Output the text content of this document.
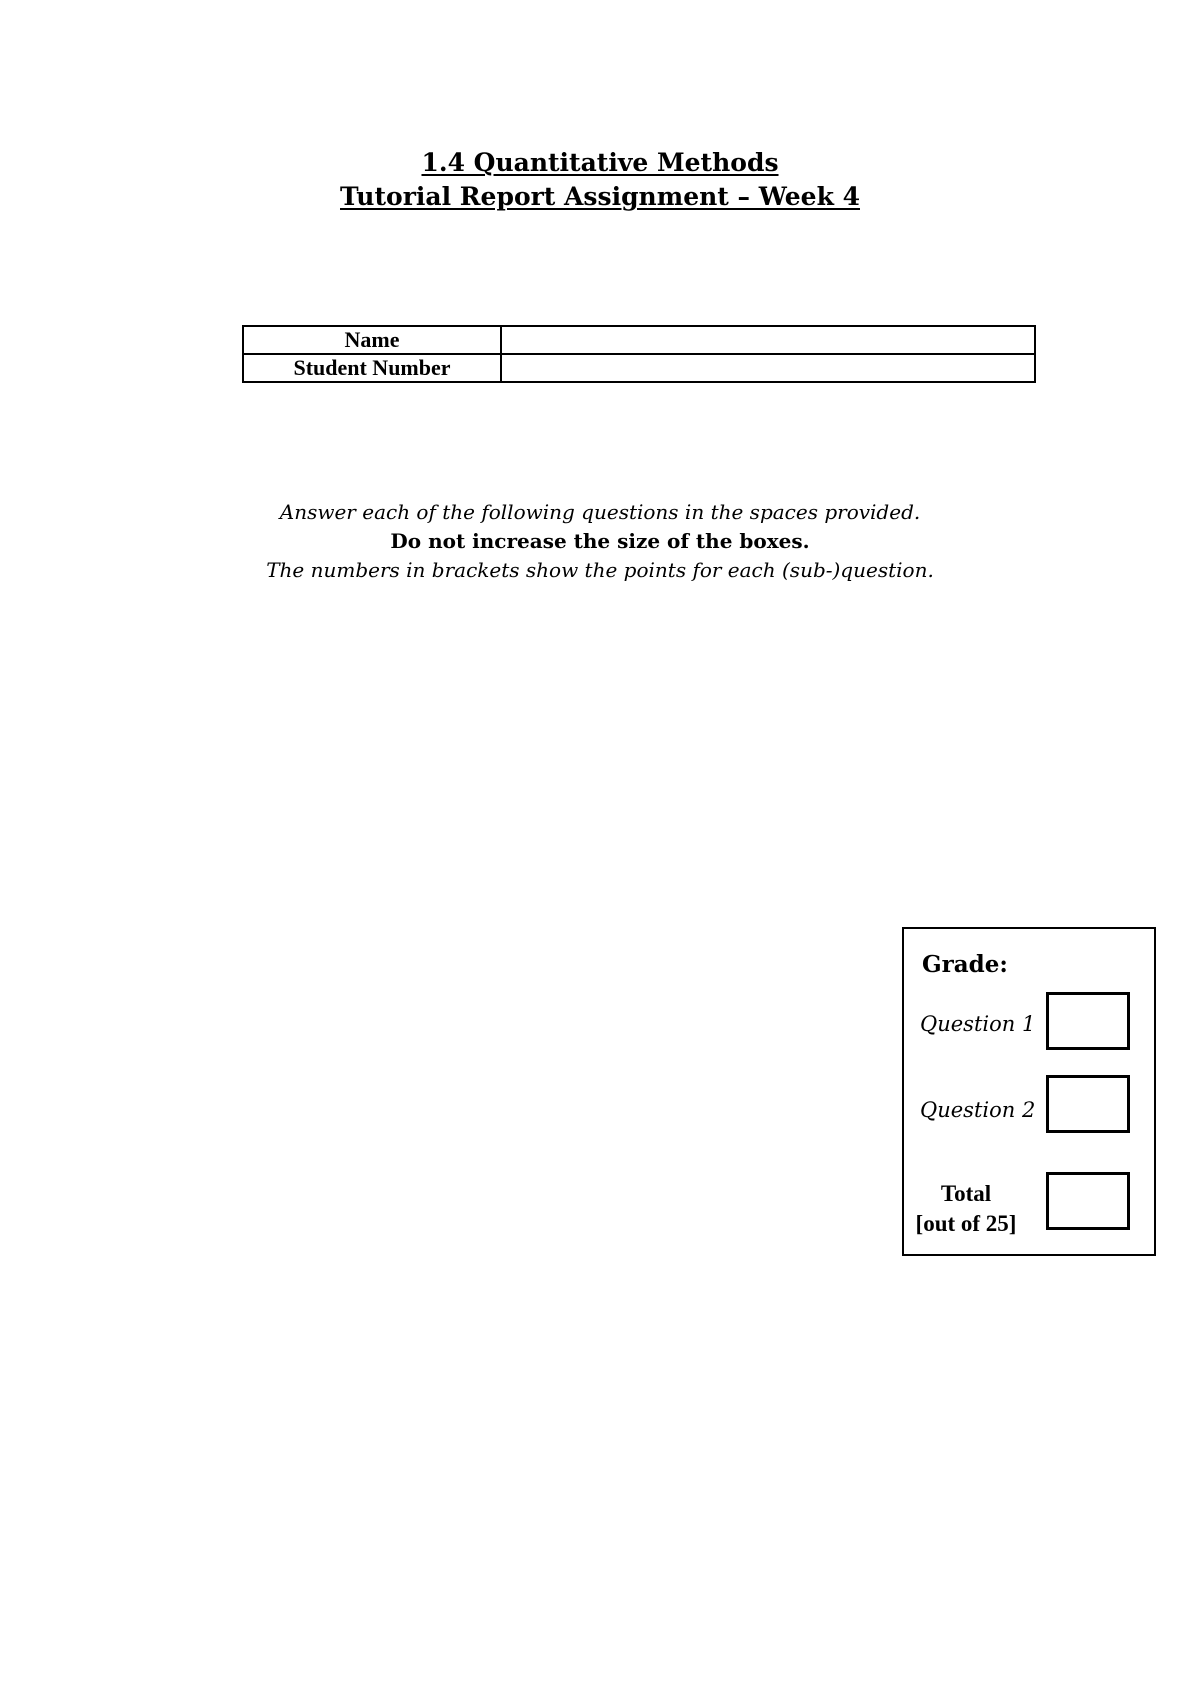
1.4 Quantitative Methods
Tutorial Report Assignment – Week 4
Name	
Student Number	
Answer each of the following questions in the spaces provided.
Do not increase the size of the boxes.
The numbers in brackets show the points for each (sub-)question.
Grade:
Question 1
Question 2
Total
[out of 25]
